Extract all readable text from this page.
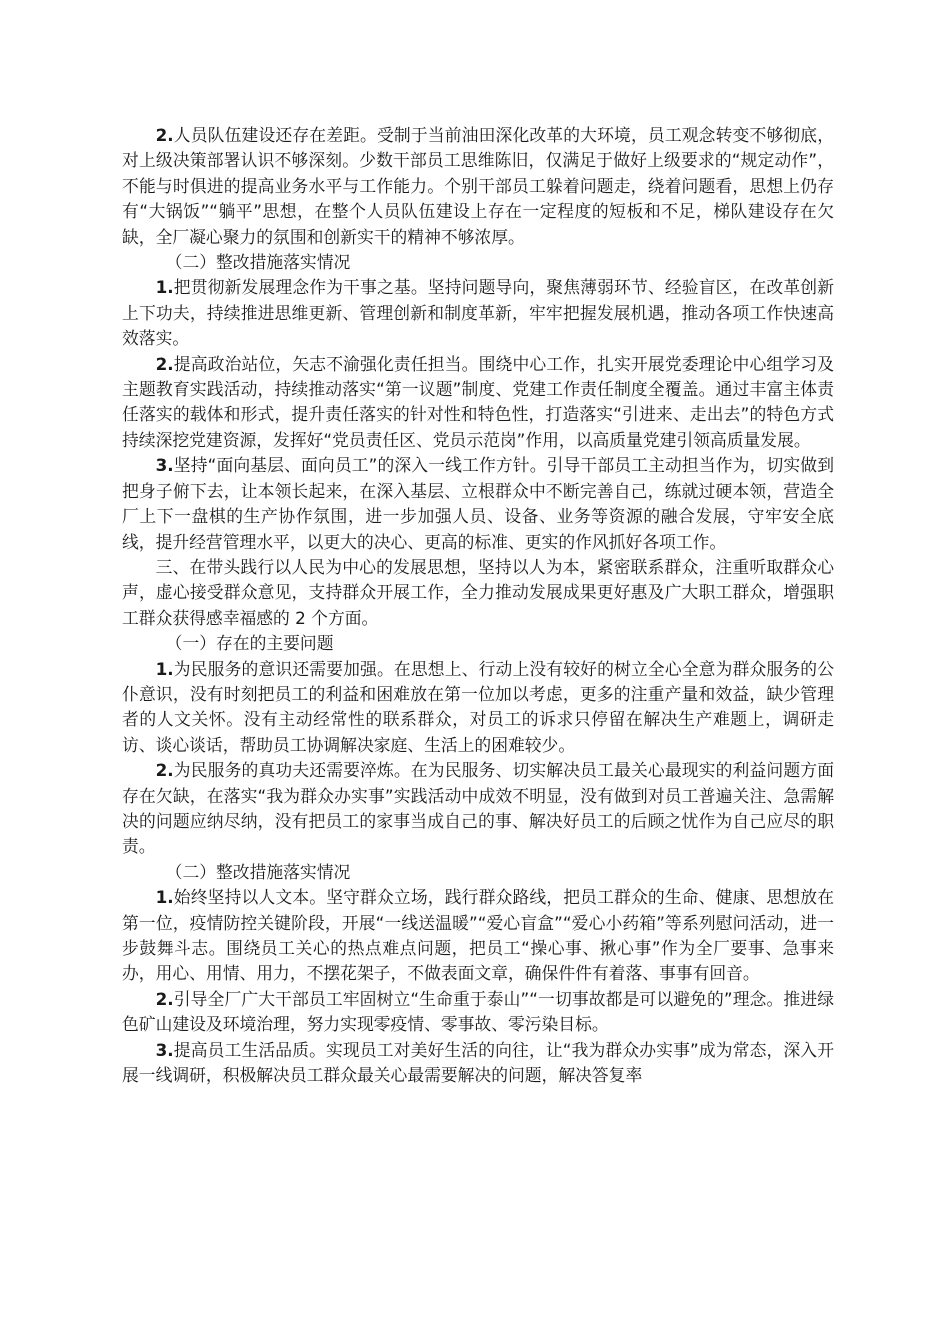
2.人员队伍建设还存在差距。受制于当前油田深化改革的大环境，员工观念转变不够彻底，对上级决策部署认识不够深刻。少数干部员工思维陈旧，仅满足于做好上级要求的“规定动作”，不能与时俱进的提高业务水平与工作能力。个别干部员工躲着问题走，绕着问题看，思想上仍存有“大锅饭”“躺平”思想，在整个人员队伍建设上存在一定程度的短板和不足，梯队建设存在欠缺，全厂凝心聚力的氛围和创新实干的精神不够浓厚。

（二）整改措施落实情况

1.把贯彻新发展理念作为干事之基。坚持问题导向，聚焦薄弱环节、经验盲区，在改革创新上下功夫，持续推进思维更新、管理创新和制度革新，牢牢把握发展机遇，推动各项工作快速高效落实。

2.提高政治站位，矢志不渝强化责任担当。围绕中心工作，扎实开展党委理论中心组学习及主题教育实践活动，持续推动落实“第一议题”制度、党建工作责任制度全覆盖。通过丰富主体责任落实的载体和形式，提升责任落实的针对性和特色性，打造落实“引进来、走出去”的特色方式持续深挖党建资源，发挥好“党员责任区、党员示范岗”作用，以高质量党建引领高质量发展。

3.坚持“面向基层、面向员工”的深入一线工作方针。引导干部员工主动担当作为，切实做到把身子俯下去，让本领长起来，在深入基层、立根群众中不断完善自己，练就过硬本领，营造全厂上下一盘棋的生产协作氛围，进一步加强人员、设备、业务等资源的融合发展，守牢安全底线，提升经营管理水平，以更大的决心、更高的标准、更实的作风抓好各项工作。

三、在带头践行以人民为中心的发展思想，坚持以人为本，紧密联系群众，注重听取群众心声，虚心接受群众意见，支持群众开展工作，全力推动发展成果更好惠及广大职工群众，增强职工群众获得感幸福感的 2 个方面。

（一）存在的主要问题

1.为民服务的意识还需要加强。在思想上、行动上没有较好的树立全心全意为群众服务的公仆意识，没有时刻把员工的利益和困难放在第一位加以考虑，更多的注重产量和效益，缺少管理者的人文关怀。没有主动经常性的联系群众，对员工的诉求只停留在解决生产难题上，调研走访、谈心谈话，帮助员工协调解决家庭、生活上的困难较少。

2.为民服务的真功夫还需要淬炼。在为民服务、切实解决员工最关心最现实的利益问题方面存在欠缺，在落实“我为群众办实事”实践活动中成效不明显，没有做到对员工普遍关注、急需解决的问题应纳尽纳，没有把员工的家事当成自己的事、解决好员工的后顾之忧作为自己应尽的职责。

（二）整改措施落实情况

1.始终坚持以人文本。坚守群众立场，践行群众路线，把员工群众的生命、健康、思想放在第一位，疫情防控关键阶段，开展“一线送温暖”“爱心盲盒”“爱心小药箱”等系列慰问活动，进一步鼓舞斗志。围绕员工关心的热点难点问题，把员工“操心事、揪心事”作为全厂要事、急事来办，用心、用情、用力，不摆花架子，不做表面文章，确保件件有着落、事事有回音。

2.引导全厂广大干部员工牢固树立“生命重于泰山”“一切事故都是可以避免的”理念。推进绿色矿山建设及环境治理，努力实现零疫情、零事故、零污染目标。

3.提高员工生活品质。实现员工对美好生活的向往，让“我为群众办实事”成为常态，深入开展一线调研，积极解决员工群众最关心最需要解决的问题，解决答复率
